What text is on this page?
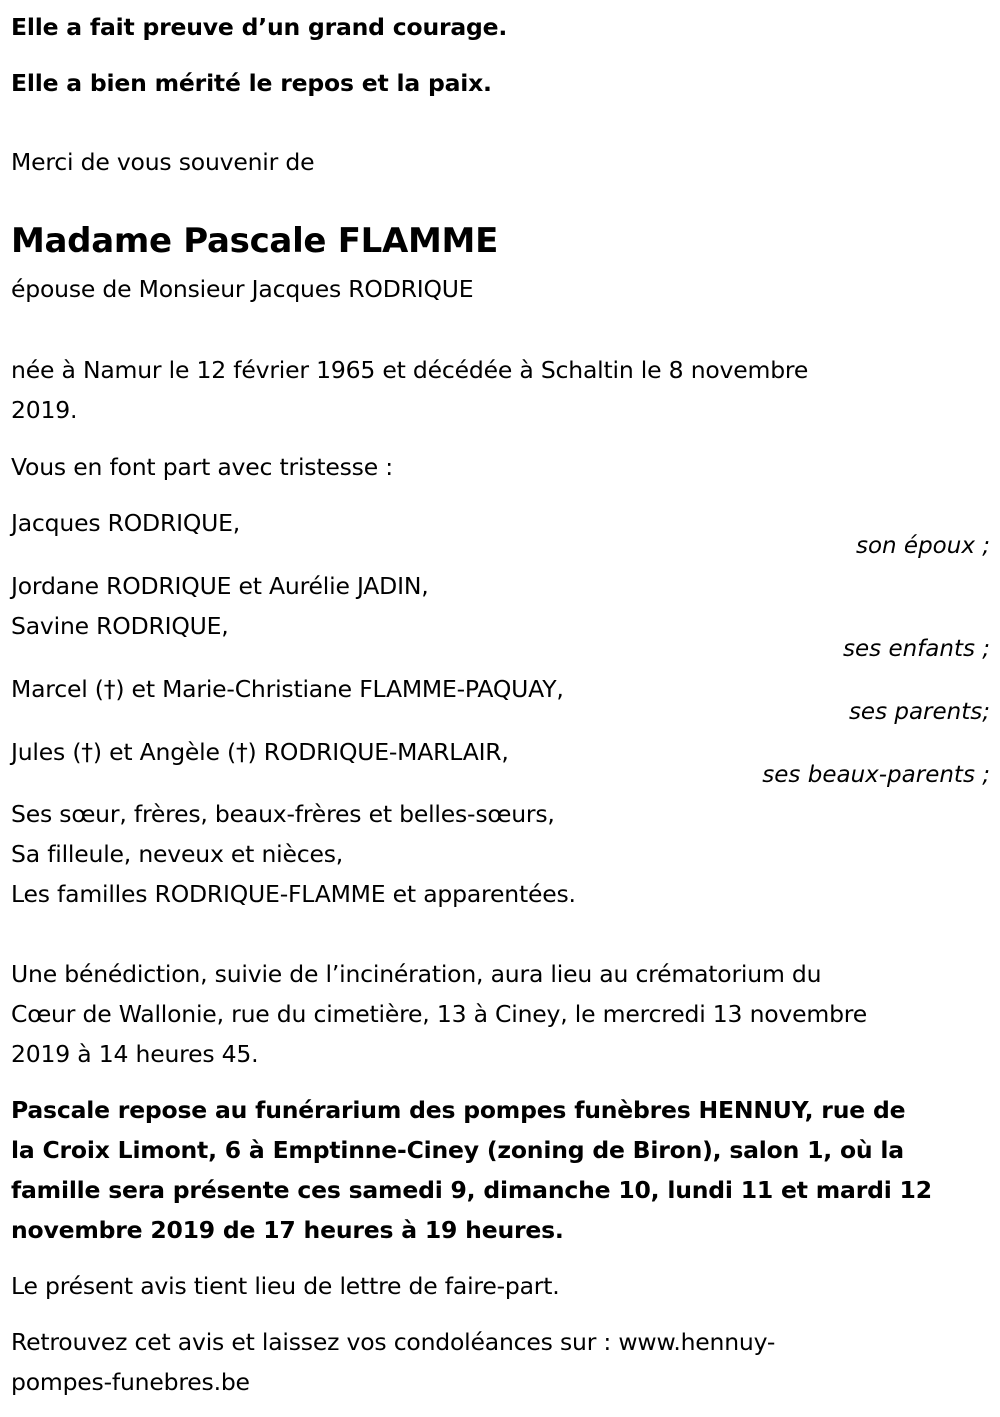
Elle a fait preuve d’un grand courage.
Elle a bien mérité le repos et la paix.
Merci de vous souvenir de
Madame Pascale FLAMME
épouse de Monsieur Jacques RODRIQUE
née à Namur le 12 février 1965 et décédée à Schaltin le 8 novembre
2019.
Vous en font part avec tristesse :
Jacques RODRIQUE,
son époux ;
Jordane RODRIQUE et Aurélie JADIN,
Savine RODRIQUE,
ses enfants ;
Marcel (†) et Marie-Christiane FLAMME-PAQUAY,
ses parents;
Jules (†) et Angèle (†) RODRIQUE-MARLAIR,
ses beaux-parents ;
Ses sœur, frères, beaux-frères et belles-sœurs,
Sa filleule, neveux et nièces,
Les familles RODRIQUE-FLAMME et apparentées.
Une bénédiction, suivie de l’incinération, aura lieu au crématorium du
Cœur de Wallonie, rue du cimetière, 13 à Ciney, le mercredi 13 novembre
2019 à 14 heures 45.
Pascale repose au funérarium des pompes funèbres HENNUY, rue de
la Croix Limont, 6 à Emptinne-Ciney (zoning de Biron), salon 1, où la
famille sera présente ces samedi 9, dimanche 10, lundi 11 et mardi 12
novembre 2019 de 17 heures à 19 heures.
Le présent avis tient lieu de lettre de faire-part.
Retrouvez cet avis et laissez vos condoléances sur : www.hennuy-
pompes-funebres.be
